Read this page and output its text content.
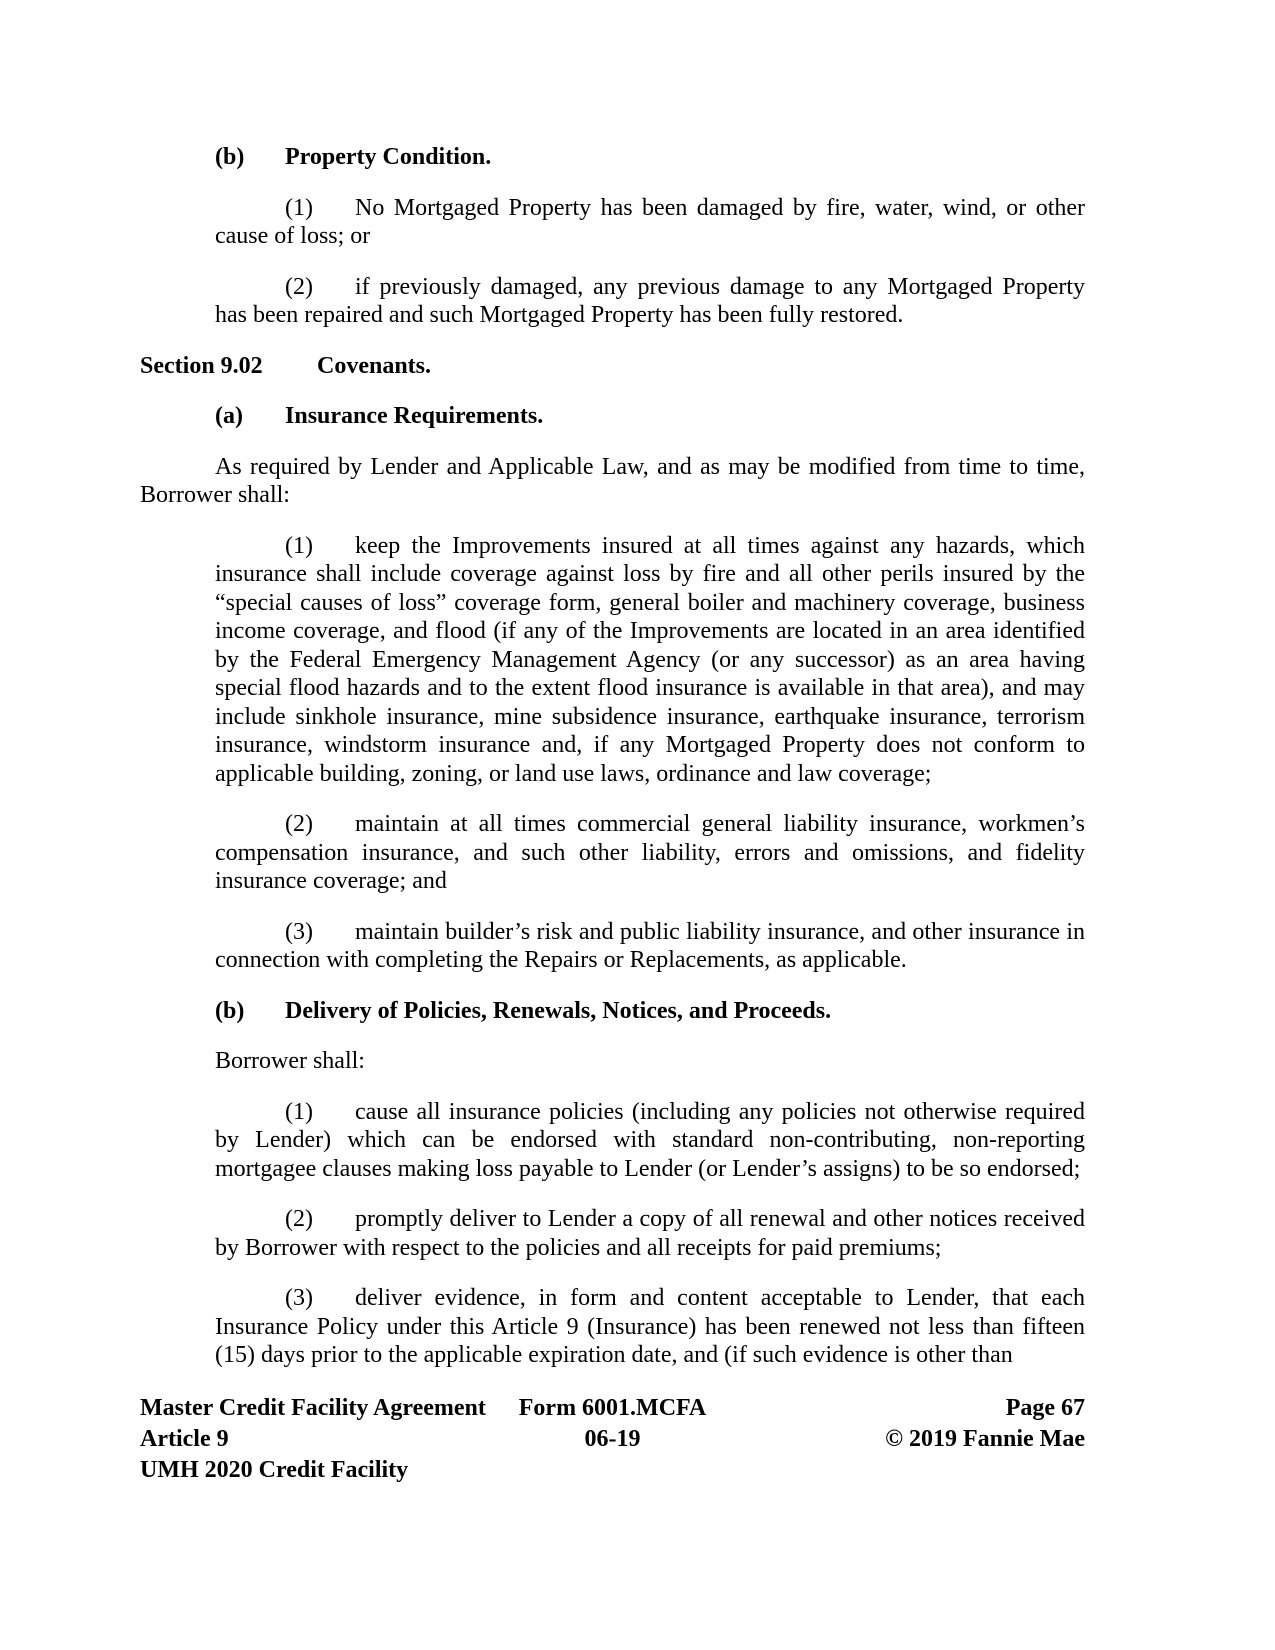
(b) Property Condition.
(1) No Mortgaged Property has been damaged by fire, water, wind, or other cause of loss; or
(2) if previously damaged, any previous damage to any Mortgaged Property has been repaired and such Mortgaged Property has been fully restored.
Section 9.02 Covenants.
(a) Insurance Requirements.
As required by Lender and Applicable Law, and as may be modified from time to time, Borrower shall:
(1) keep the Improvements insured at all times against any hazards, which insurance shall include coverage against loss by fire and all other perils insured by the “special causes of loss” coverage form, general boiler and machinery coverage, business income coverage, and flood (if any of the Improvements are located in an area identified by the Federal Emergency Management Agency (or any successor) as an area having special flood hazards and to the extent flood insurance is available in that area), and may include sinkhole insurance, mine subsidence insurance, earthquake insurance, terrorism insurance, windstorm insurance and, if any Mortgaged Property does not conform to applicable building, zoning, or land use laws, ordinance and law coverage;
(2) maintain at all times commercial general liability insurance, workmen’s compensation insurance, and such other liability, errors and omissions, and fidelity insurance coverage; and
(3) maintain builder’s risk and public liability insurance, and other insurance in connection with completing the Repairs or Replacements, as applicable.
(b) Delivery of Policies, Renewals, Notices, and Proceeds.
Borrower shall:
(1) cause all insurance policies (including any policies not otherwise required by Lender) which can be endorsed with standard non-contributing, non-reporting mortgagee clauses making loss payable to Lender (or Lender’s assigns) to be so endorsed;
(2) promptly deliver to Lender a copy of all renewal and other notices received by Borrower with respect to the policies and all receipts for paid premiums;
(3) deliver evidence, in form and content acceptable to Lender, that each Insurance Policy under this Article 9 (Insurance) has been renewed not less than fifteen (15) days prior to the applicable expiration date, and (if such evidence is other than
Master Credit Facility Agreement
Article 9
UMH 2020 Credit Facility
Form 6001.MCFA
06-19
Page 67
© 2019 Fannie Mae
